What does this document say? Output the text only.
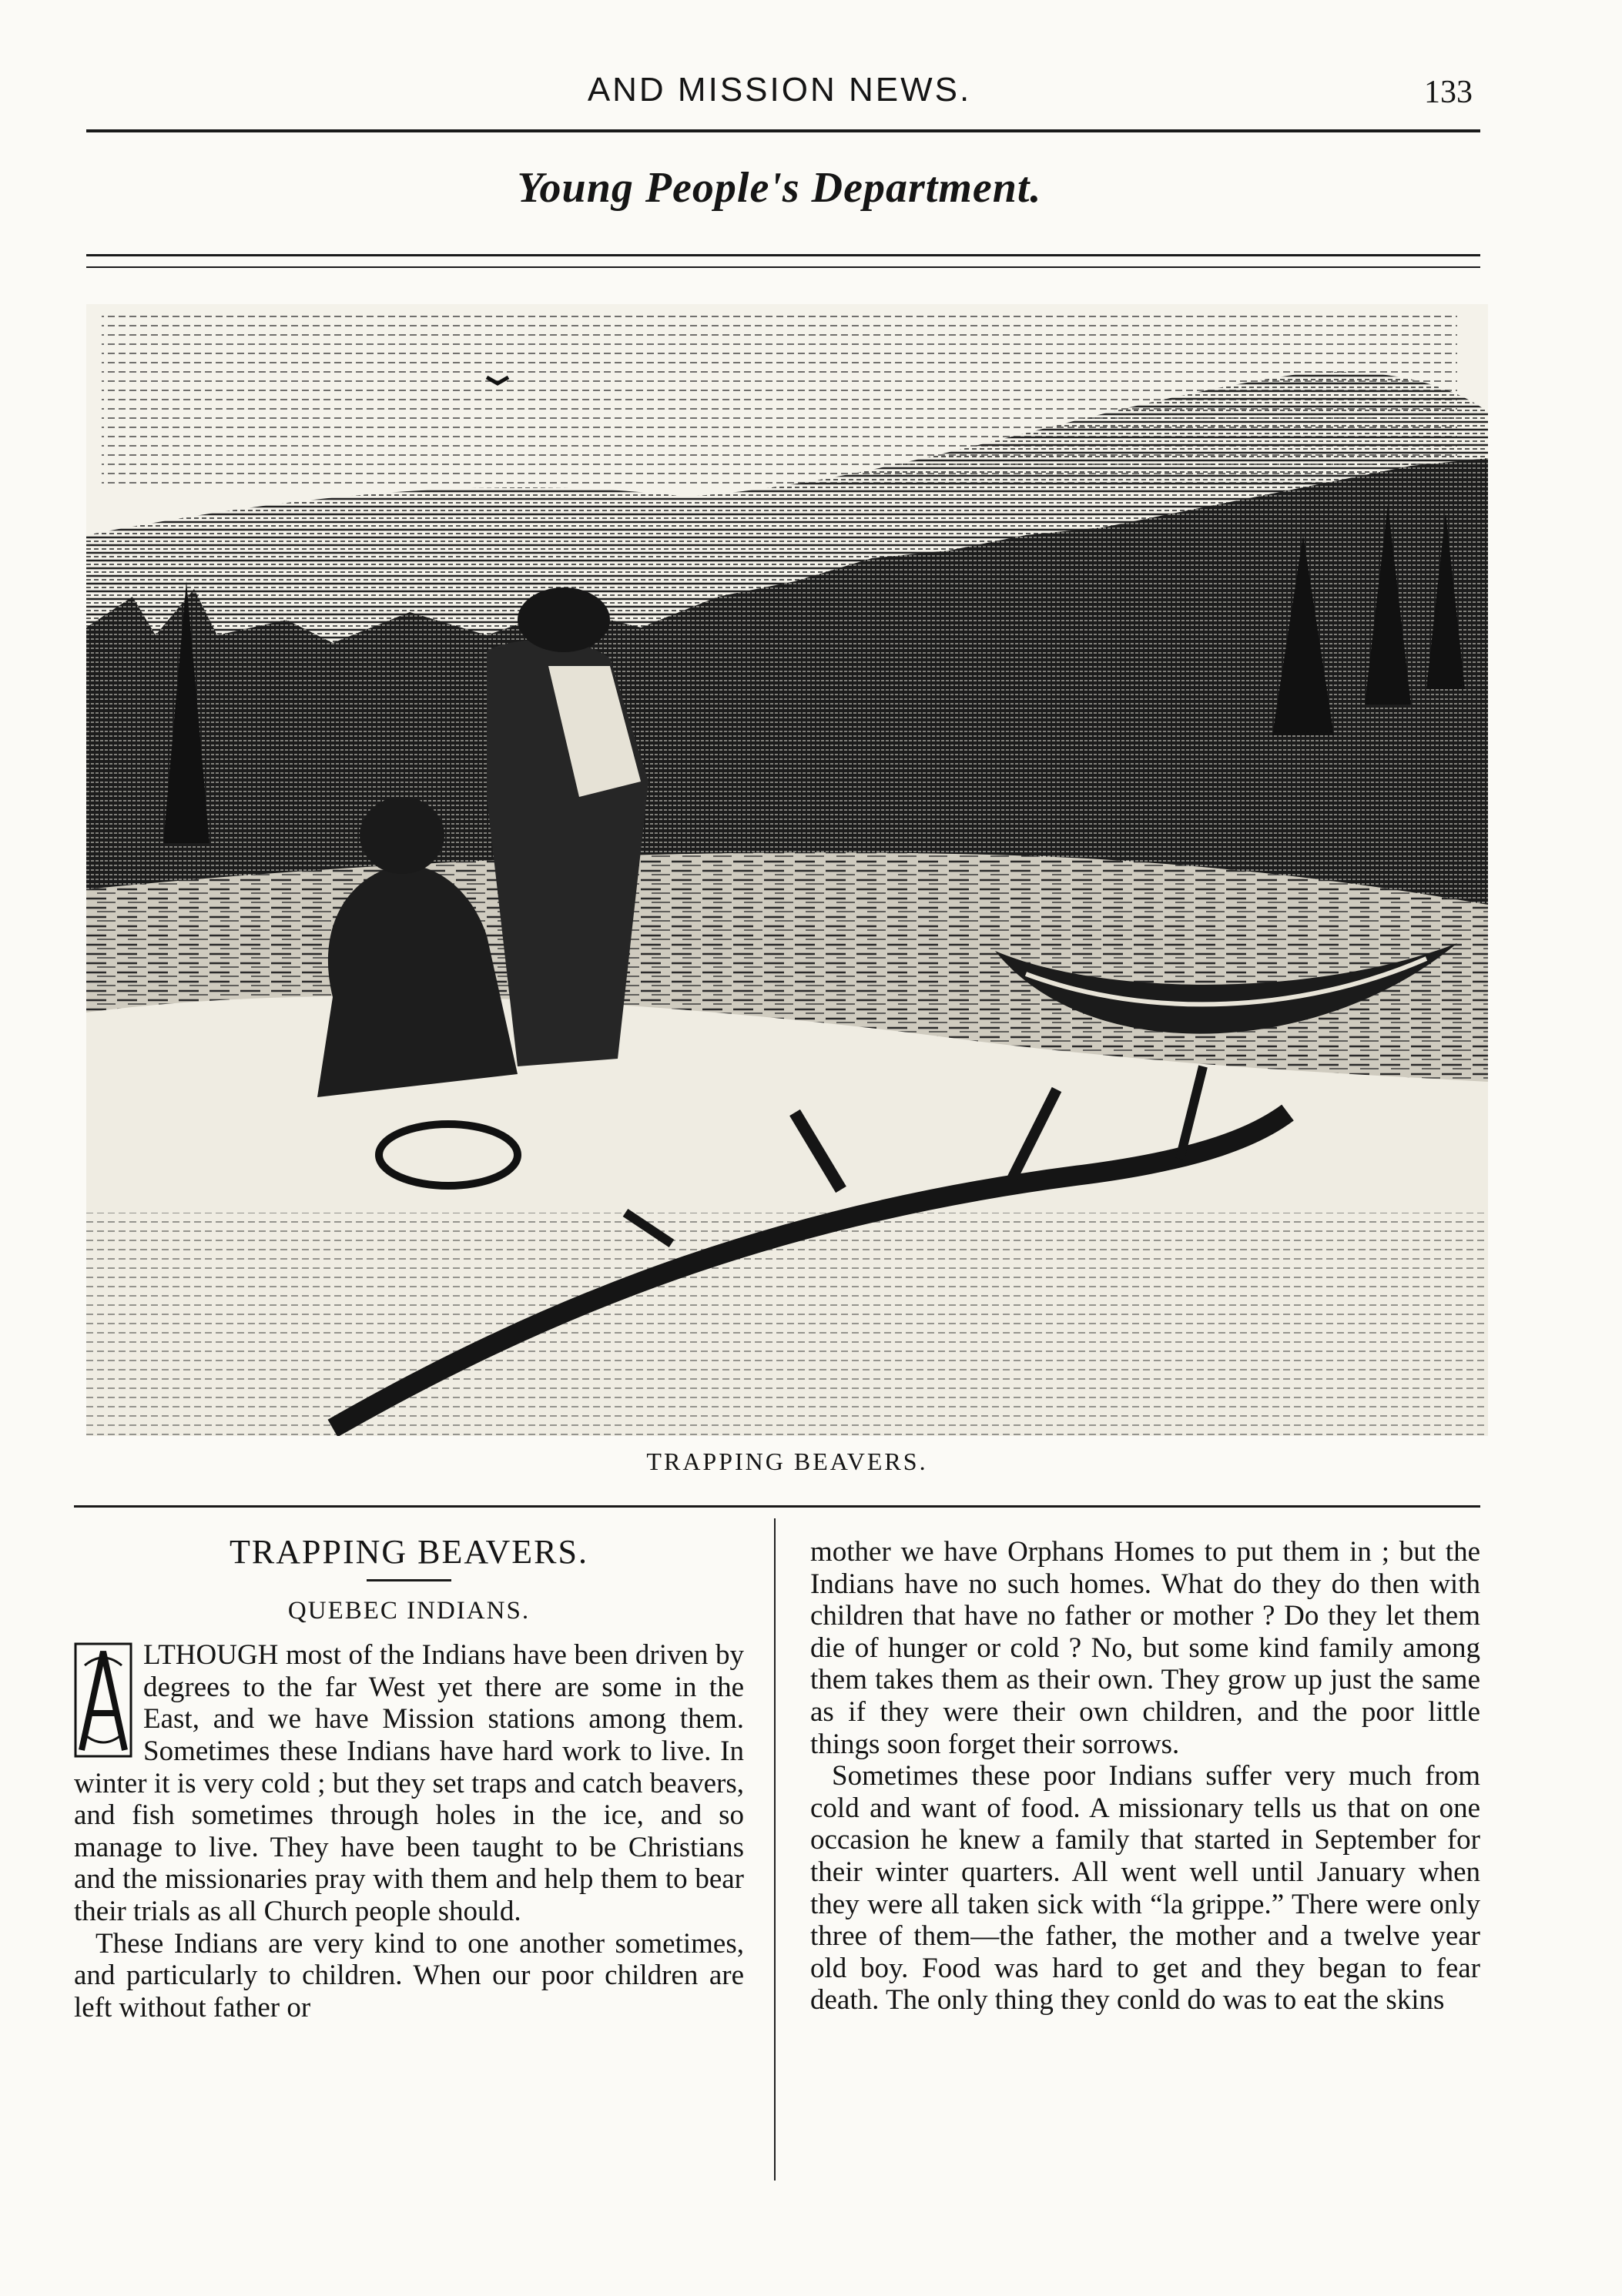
AND MISSION NEWS.	133
Young People's Department.
TRAPPING BEAVERS.
TRAPPING BEAVERS.
QUEBEC INDIANS.

LTHOUGH most of the Indians have been driven by degrees to the far West yet there are some in the East, and we have Mission stations among them. Sometimes these Indians have hard work to live. In winter it is very cold ; but they set traps and catch beavers, and fish sometimes through holes in the ice, and so manage to live. They have been taught to be Christians and the missionaries pray with them and help them to bear their trials as all Church people should.

These Indians are very kind to one another sometimes, and particularly to children. When our poor children are left without father or

mother we have Orphans Homes to put them in ; but the Indians have no such homes. What do they do then with children that have no father or mother ? Do they let them die of hunger or cold ? No, but some kind family among them takes them as their own. They grow up just the same as if they were their own children, and the poor little things soon forget their sorrows.

Sometimes these poor Indians suffer very much from cold and want of food. A missionary tells us that on one occasion he knew a family that started in September for their winter quarters. All went well until January when they were all taken sick with “la grippe.” There were only three of them—the father, the mother and a twelve year old boy. Food was hard to get and they began to fear death. The only thing they conld do was to eat the skins
